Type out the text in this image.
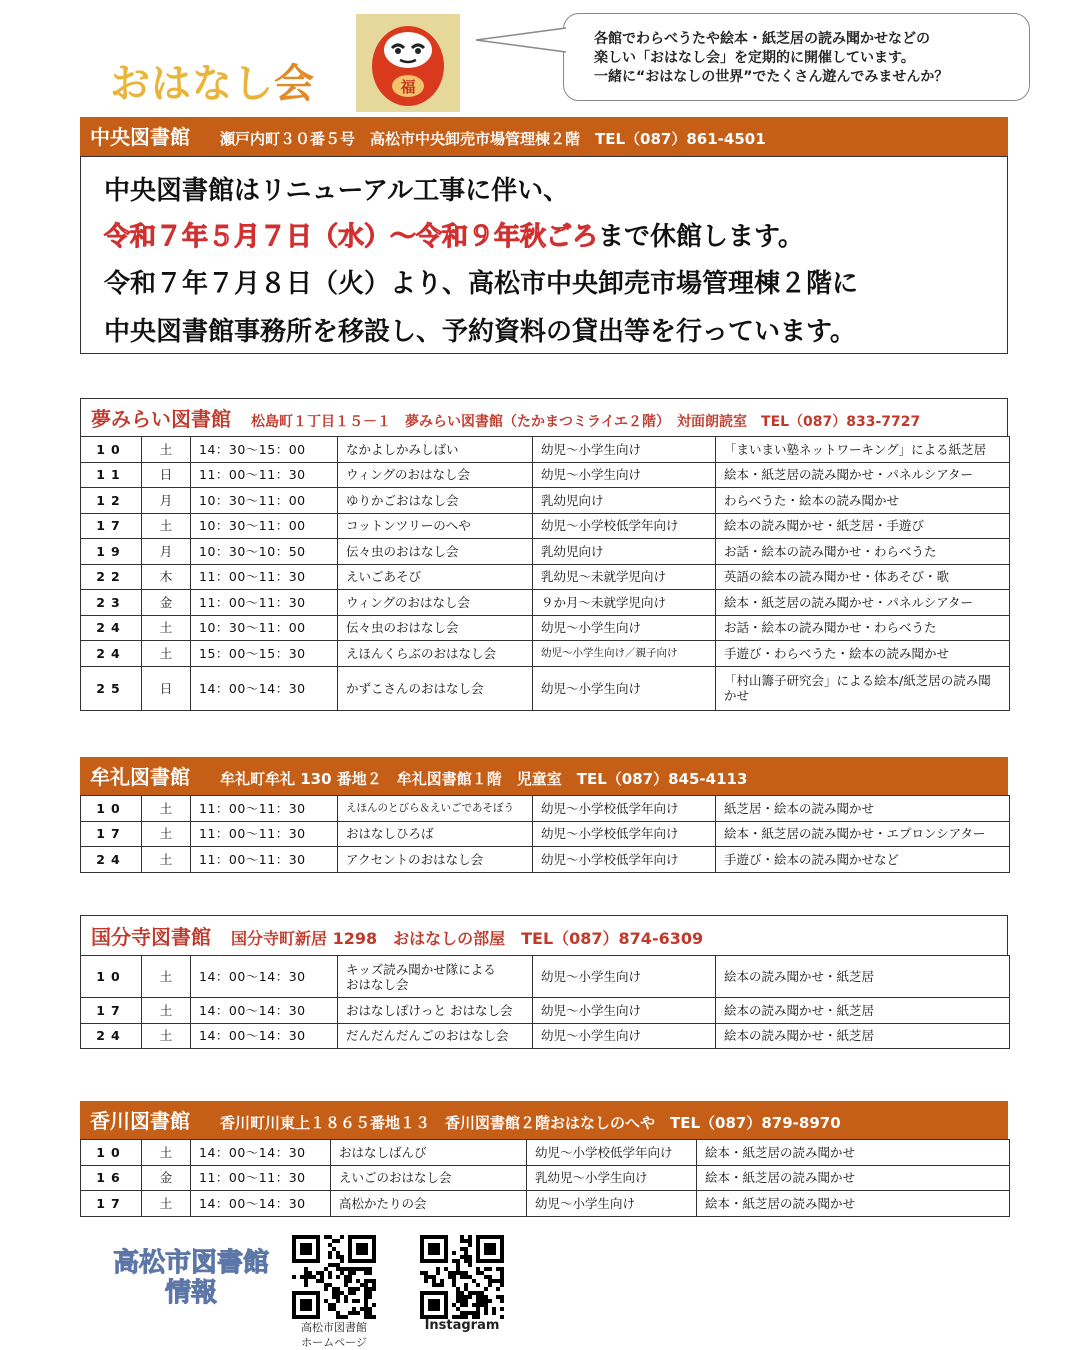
おはなし会	福
各館でわらべうたや絵本・紙芝居の読み聞かせなどの
楽しい「おはなし会」を定期的に開催しています。
一緒に“おはなしの世界”でたくさん遊んでみませんか？
中央図書館 瀬戸内町３０番５号　高松市中央卸売市場管理棟２階　TEL（087）861-4501
中央図書館はリニューアル工事に伴い、
令和７年５月７日（水）～令和９年秋ごろまで休館します。
令和７年７月８日（火）より、高松市中央卸売市場管理棟２階に
中央図書館事務所を移設し、予約資料の貸出等を行っています。
夢みらい図書館 松島町１丁目１５－１　夢みらい図書館（たかまつミライエ２階）　対面朗読室　TEL（087）833-7727
10	土	14：30～15：00	なかよしかみしばい	幼児～小学生向け	「まいまい塾ネットワーキング」による紙芝居
11	日	11：00～11：30	ウィングのおはなし会	幼児～小学生向け	絵本・紙芝居の読み聞かせ・パネルシアター
12	月	10：30～11：00	ゆりかごおはなし会	乳幼児向け	わらべうた・絵本の読み聞かせ
17	土	10：30～11：00	コットンツリーのへや	幼児～小学校低学年向け	絵本の読み聞かせ・紙芝居・手遊び
19	月	10：30～10：50	伝々虫のおはなし会	乳幼児向け	お話・絵本の読み聞かせ・わらべうた
22	木	11：00～11：30	えいごあそび	乳幼児～未就学児向け	英語の絵本の読み聞かせ・体あそび・歌
23	金	11：00～11：30	ウィングのおはなし会	９か月～未就学児向け	絵本・紙芝居の読み聞かせ・パネルシアター
24	土	10：30～11：00	伝々虫のおはなし会	幼児～小学生向け	お話・絵本の読み聞かせ・わらべうた
24	土	15：00～15：30	えほんくらぶのおはなし会	幼児～小学生向け／親子向け	手遊び・わらべうた・絵本の読み聞かせ
25	日	14：00～14：30	かずこさんのおはなし会	幼児～小学生向け	「村山籌子研究会」による絵本/紙芝居の読み聞かせ
牟礼図書館 牟礼町牟礼 130 番地２　牟礼図書館１階　児童室　TEL（087）845-4113
10	土	11：00～11：30	えほんのとびら＆えいごであそぼう	幼児～小学校低学年向け	紙芝居・絵本の読み聞かせ
17	土	11：00～11：30	おはなしひろば	幼児～小学校低学年向け	絵本・紙芝居の読み聞かせ・エプロンシアター
24	土	11：00～11：30	アクセントのおはなし会	幼児～小学校低学年向け	手遊び・絵本の読み聞かせなど
国分寺図書館 国分寺町新居 1298　おはなしの部屋　TEL（087）874-6309
10	土	14：00～14：30	キッズ読み聞かせ隊による
おはなし会	幼児～小学生向け	絵本の読み聞かせ・紙芝居
17	土	14：00～14：30	おはなしぽけっと おはなし会	幼児～小学生向け	絵本の読み聞かせ・紙芝居
24	土	14：00～14：30	だんだんだんごのおはなし会	幼児～小学生向け	絵本の読み聞かせ・紙芝居
香川図書館 香川町川東上１８６５番地１３　香川図書館２階おはなしのへや　TEL（087）879-8970
10	土	14：00～14：30	おはなしばんび	幼児～小学校低学年向け	絵本・紙芝居の読み聞かせ
16	金	11：00～11：30	えいごのおはなし会	乳幼児～小学生向け	絵本・紙芝居の読み聞かせ
17	土	14：00～14：30	高松かたりの会	幼児～小学生向け	絵本・紙芝居の読み聞かせ
高松市図書館
情報
高松市図書館
ホームページ
Instagram
